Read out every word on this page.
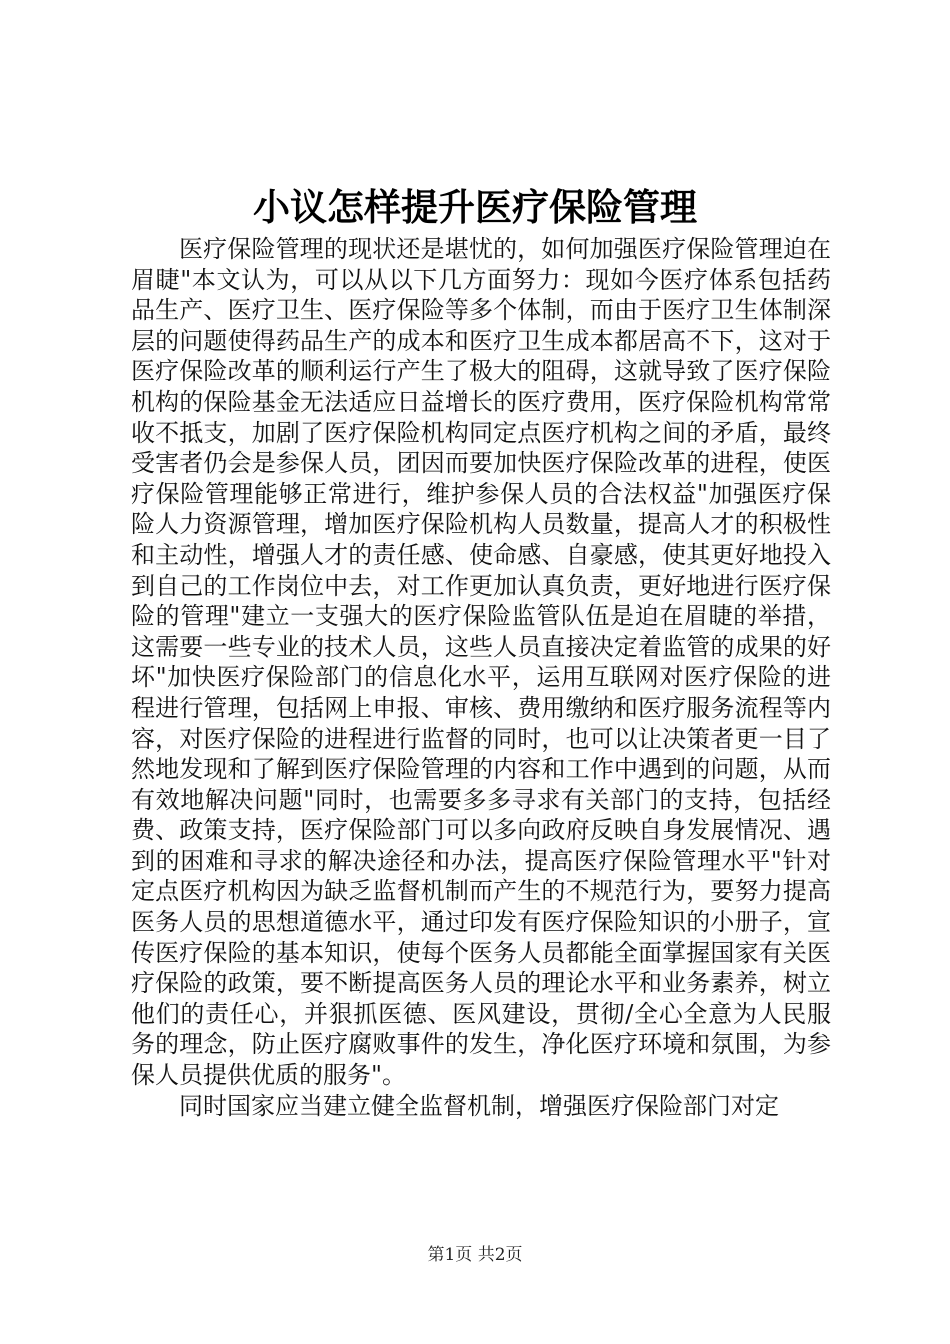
小议怎样提升医疗保险管理

医疗保险管理的现状还是堪忧的，如何加强医疗保险管理迫在眉睫"本文认为，可以从以下几方面努力：现如今医疗体系包括药品生产、医疗卫生、医疗保险等多个体制，而由于医疗卫生体制深层的问题使得药品生产的成本和医疗卫生成本都居高不下，这对于医疗保险改革的顺利运行产生了极大的阻碍，这就导致了医疗保险机构的保险基金无法适应日益增长的医疗费用，医疗保险机构常常收不抵支，加剧了医疗保险机构同定点医疗机构之间的矛盾，最终受害者仍会是参保人员，团因而要加快医疗保险改革的进程，使医疗保险管理能够正常进行，维护参保人员的合法权益"加强医疗保险人力资源管理，增加医疗保险机构人员数量，提高人才的积极性和主动性，增强人才的责任感、使命感、自豪感，使其更好地投入到自己的工作岗位中去，对工作更加认真负责，更好地进行医疗保险的管理"建立一支强大的医疗保险监管队伍是迫在眉睫的举措，这需要一些专业的技术人员，这些人员直接决定着监管的成果的好坏"加快医疗保险部门的信息化水平，运用互联网对医疗保险的进程进行管理，包括网上申报、审核、费用缴纳和医疗服务流程等内容，对医疗保险的进程进行监督的同时，也可以让决策者更一目了然地发现和了解到医疗保险管理的内容和工作中遇到的问题，从而有效地解决问题"同时，也需要多多寻求有关部门的支持，包括经费、政策支持，医疗保险部门可以多向政府反映自身发展情况、遇到的困难和寻求的解决途径和办法，提高医疗保险管理水平"针对定点医疗机构因为缺乏监督机制而产生的不规范行为，要努力提高医务人员的思想道德水平，通过印发有医疗保险知识的小册子，宣传医疗保险的基本知识，使每个医务人员都能全面掌握国家有关医疗保险的政策，要不断提高医务人员的理论水平和业务素养，树立他们的责任心，并狠抓医德、医风建设，贯彻/全心全意为人民服务的理念，防止医疗腐败事件的发生，净化医疗环境和氛围，为参保人员提供优质的服务"。

同时国家应当建立健全监督机制，增强医疗保险部门对定

第1页 共2页
